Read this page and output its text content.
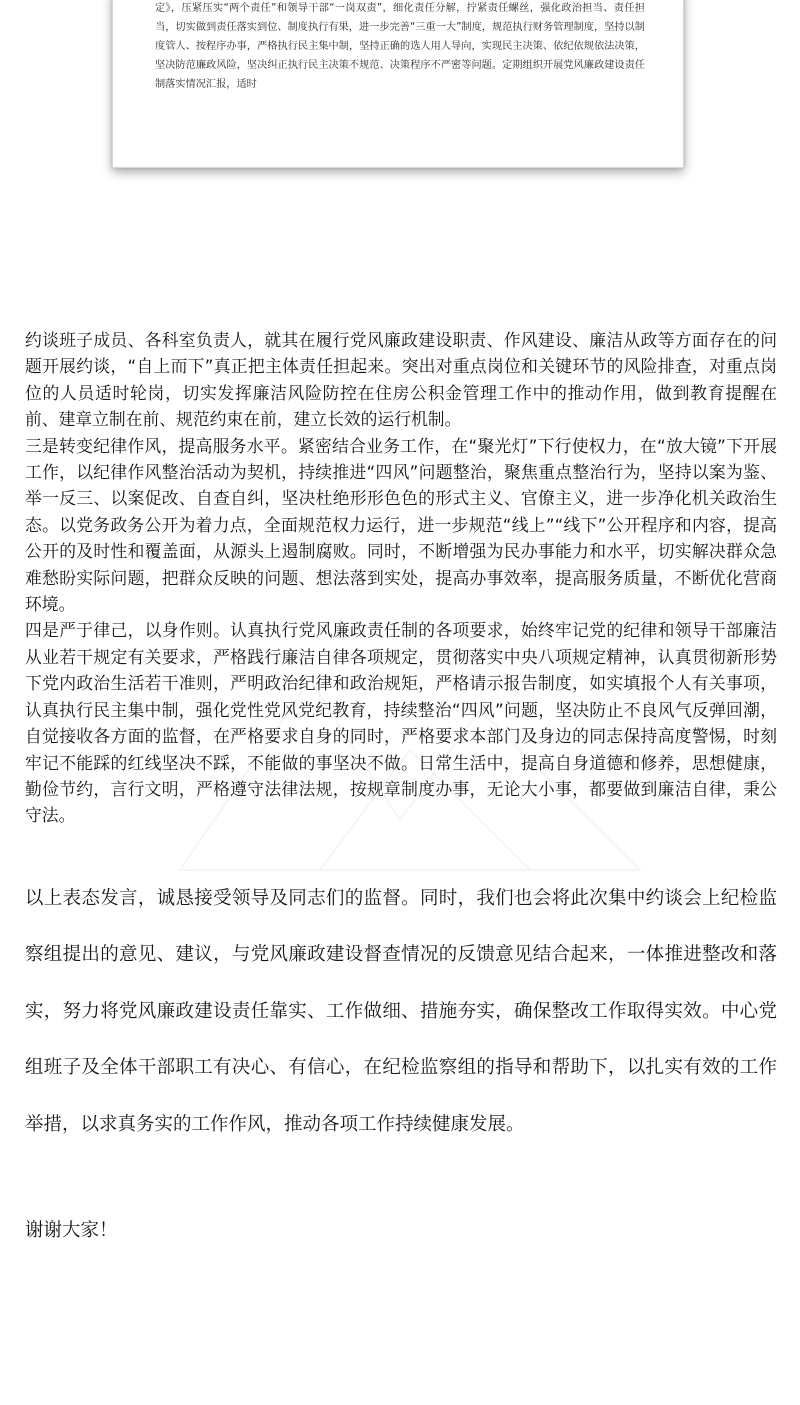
定》，压紧压实“两个责任”和领导干部“一岗双责”，细化责任分解，拧紧责任螺丝，强化政治担当、责任担当，切实做到责任落实到位、制度执行有果，进一步完善“三重一大”制度，规范执行财务管理制度，坚持以制度管人、按程序办事，严格执行民主集中制，坚持正确的选人用人导向，实现民主决策、依纪依规依法决策，坚决防范廉政风险，坚决纠正执行民主决策不规范、决策程序不严密等问题。定期组织开展党风廉政建设责任制落实情况汇报，适时

约谈班子成员、各科室负责人，就其在履行党风廉政建设职责、作风建设、廉洁从政等方面存在的问题开展约谈，“自上而下”真正把主体责任担起来。突出对重点岗位和关键环节的风险排查，对重点岗位的人员适时轮岗，切实发挥廉洁风险防控在住房公积金管理工作中的推动作用，做到教育提醒在前、建章立制在前、规范约束在前，建立长效的运行机制。

三是转变纪律作风，提高服务水平。紧密结合业务工作，在“聚光灯”下行使权力，在“放大镜”下开展工作，以纪律作风整治活动为契机，持续推进“四风”问题整治，聚焦重点整治行为，坚持以案为鉴、举一反三、以案促改、自查自纠，坚决杜绝形形色色的形式主义、官僚主义，进一步净化机关政治生态。以党务政务公开为着力点，全面规范权力运行，进一步规范“线上”“线下”公开程序和内容，提高公开的及时性和覆盖面，从源头上遏制腐败。同时，不断增强为民办事能力和水平，切实解决群众急难愁盼实际问题，把群众反映的问题、想法落到实处，提高办事效率，提高服务质量，不断优化营商环境。

四是严于律己，以身作则。认真执行党风廉政责任制的各项要求，始终牢记党的纪律和领导干部廉洁从业若干规定有关要求，严格践行廉洁自律各项规定，贯彻落实中央八项规定精神，认真贯彻新形势下党内政治生活若干准则，严明政治纪律和政治规矩，严格请示报告制度，如实填报个人有关事项，认真执行民主集中制，强化党性党风党纪教育，持续整治“四风”问题，坚决防止不良风气反弹回潮，自觉接收各方面的监督，在严格要求自身的同时，严格要求本部门及身边的同志保持高度警惕，时刻牢记不能踩的红线坚决不踩，不能做的事坚决不做。日常生活中，提高自身道德和修养，思想健康，勤俭节约，言行文明，严格遵守法律法规，按规章制度办事，无论大小事，都要做到廉洁自律，秉公守法。

以上表态发言，诚恳接受领导及同志们的监督。同时，我们也会将此次集中约谈会上纪检监察组提出的意见、建议，与党风廉政建设督查情况的反馈意见结合起来，一体推进整改和落实，努力将党风廉政建设责任靠实、工作做细、措施夯实，确保整改工作取得实效。中心党组班子及全体干部职工有决心、有信心，在纪检监察组的指导和帮助下，以扎实有效的工作举措，以求真务实的工作作风，推动各项工作持续健康发展。

谢谢大家！
